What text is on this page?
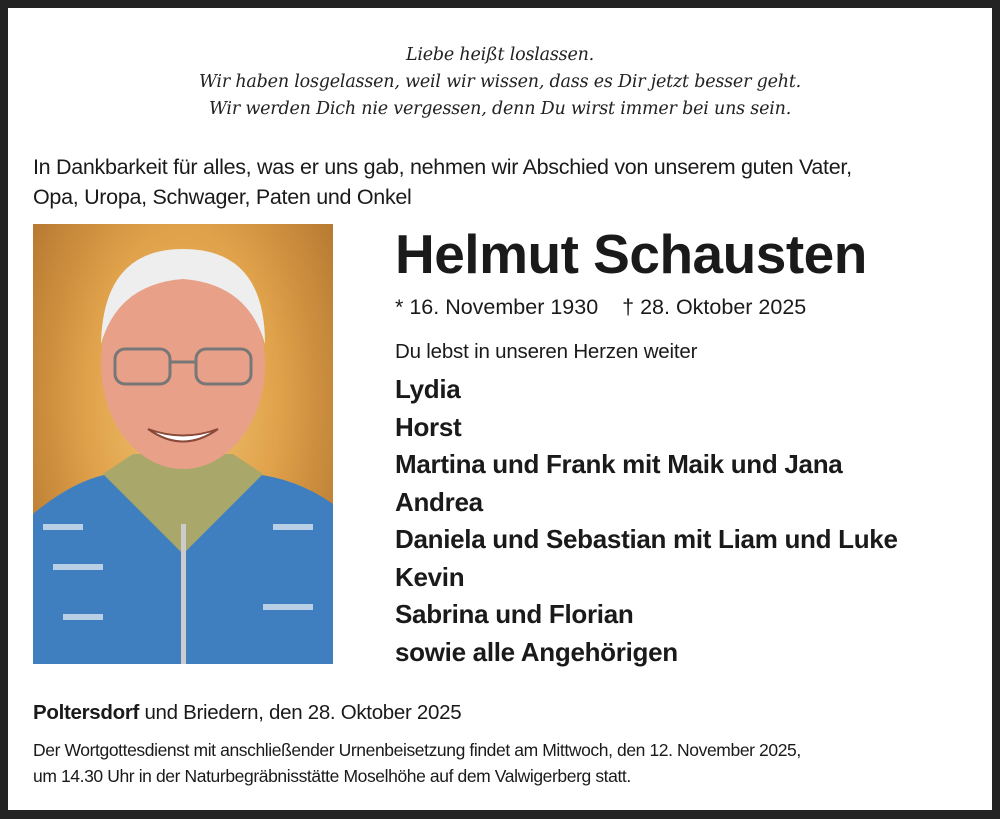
Liebe heißt loslassen.
Wir haben losgelassen, weil wir wissen, dass es Dir jetzt besser geht.
Wir werden Dich nie vergessen, denn Du wirst immer bei uns sein.
In Dankbarkeit für alles, was er uns gab, nehmen wir Abschied von unserem guten Vater,
Opa, Uropa, Schwager, Paten und Onkel
Helmut Schausten
* 16. November 1930 † 28. Oktober 2025
Du lebst in unseren Herzen weiter
Lydia
Horst
Martina und Frank mit Maik und Jana
Andrea
Daniela und Sebastian mit Liam und Luke
Kevin
Sabrina und Florian
sowie alle Angehörigen
Poltersdorf und Briedern, den 28. Oktober 2025
Der Wortgottesdienst mit anschließender Urnenbeisetzung findet am Mittwoch, den 12. November 2025,
um 14.30 Uhr in der Naturbegräbnisstätte Moselhöhe auf dem Valwigerberg statt.
